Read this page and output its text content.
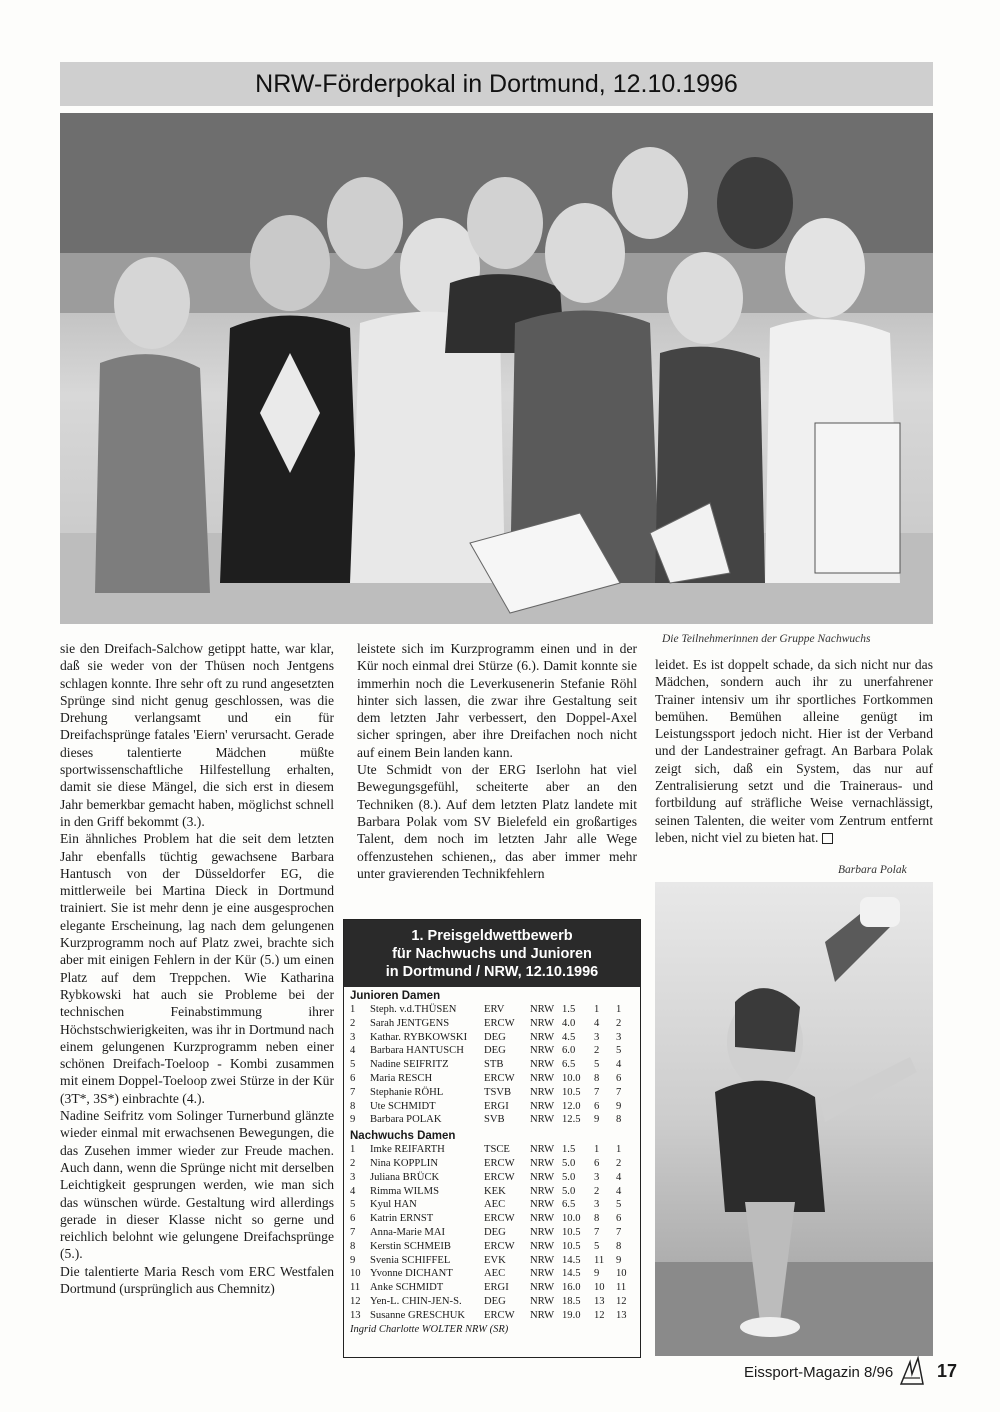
NRW-Förderpokal in Dortmund, 12.10.1996
Die Teilnehmerinnen der Gruppe Nachwuchs

sie den Dreifach-Salchow getippt hatte, war klar, daß sie weder von der Thüsen noch Jentgens schlagen konnte. Ihre sehr oft zu rund angesetzten Sprünge sind nicht genug geschlossen, was die Drehung verlangsamt und ein für Dreifachsprünge fatales 'Eiern' verursacht. Gerade dieses talentierte Mädchen müßte sportwissenschaftliche Hilfestellung erhalten, damit sie diese Mängel, die sich erst in diesem Jahr bemerkbar gemacht haben, möglichst schnell in den Griff bekommt (3.).

Ein ähnliches Problem hat die seit dem letzten Jahr ebenfalls tüchtig gewachsene Barbara Hantusch von der Düsseldorfer EG, die mittlerweile bei Martina Dieck in Dortmund trainiert. Sie ist mehr denn je eine ausgesprochen elegante Erscheinung, lag nach dem gelungenen Kurzprogramm noch auf Platz zwei, brachte sich aber mit einigen Fehlern in der Kür (5.) um einen Platz auf dem Treppchen. Wie Katharina Rybkowski hat auch sie Probleme bei der technischen Feinabstimmung ihrer Höchstschwierigkeiten, was ihr in Dortmund nach einem gelungenen Kurzprogramm neben einer schönen Dreifach-Toeloop - Kombi zusammen mit einem Doppel-Toeloop zwei Stürze in der Kür (3T*, 3S*) einbrachte (4.).

Nadine Seifritz vom Solinger Turnerbund glänzte wieder einmal mit erwachsenen Bewegungen, die das Zusehen immer wieder zur Freude machen. Auch dann, wenn die Sprünge nicht mit derselben Leichtigkeit gesprungen werden, wie man sich das wünschen würde. Gestaltung wird allerdings gerade in dieser Klasse nicht so gerne und reichlich belohnt wie gelungene Dreifachsprünge (5.).

Die talentierte Maria Resch vom ERC Westfalen Dortmund (ursprünglich aus Chemnitz)

leistete sich im Kurzprogramm einen und in der Kür noch einmal drei Stürze (6.). Damit konnte sie immerhin noch die Leverkusenerin Stefanie Röhl hinter sich lassen, die zwar ihre Gestaltung seit dem letzten Jahr verbessert, den Doppel-Axel sicher springen, aber ihre Dreifachen noch nicht auf einem Bein landen kann.

Ute Schmidt von der ERG Iserlohn hat viel Bewegungsgefühl, scheiterte aber an den Techniken (8.). Auf dem letzten Platz landete mit Barbara Polak vom SV Bielefeld ein großartiges Talent, dem noch im letzten Jahr alle Wege offenzustehen schienen,, das aber immer mehr unter gravierenden Technikfehlern

leidet. Es ist doppelt schade, da sich nicht nur das Mädchen, sondern auch ihr zu unerfahrener Trainer intensiv um ihr sportliches Fortkommen bemühen. Bemühen alleine genügt im Leistungssport jedoch nicht. Hier ist der Verband und der Landestrainer gefragt. An Barbara Polak zeigt sich, daß ein System, das nur auf Zentralisierung setzt und die Traineraus- und fortbildung auf sträfliche Weise vernachlässigt, seinen Talenten, die weiter vom Zentrum entfernt leben, nicht viel zu bieten hat.

Barbara Polak
1. Preisgeldwettbewerb
für Nachwuchs und Junioren
in Dortmund / NRW, 12.10.1996
Junioren Damen
1	Steph. v.d.THÜSEN	ERV	NRW	1.5	1	1
2	Sarah JENTGENS	ERCW	NRW	4.0	4	2
3	Kathar. RYBKOWSKI	DEG	NRW	4.5	3	3
4	Barbara HANTUSCH	DEG	NRW	6.0	2	5
5	Nadine SEIFRITZ	STB	NRW	6.5	5	4
6	Maria RESCH	ERCW	NRW	10.0	8	6
7	Stephanie RÖHL	TSVB	NRW	10.5	7	7
8	Ute SCHMIDT	ERGI	NRW	12.0	6	9
9	Barbara POLAK	SVB	NRW	12.5	9	8
Nachwuchs Damen
1	Imke REIFARTH	TSCE	NRW	1.5	1	1
2	Nina KOPPLIN	ERCW	NRW	5.0	6	2
3	Juliana BRÜCK	ERCW	NRW	5.0	3	4
4	Rimma WILMS	KEK	NRW	5.0	2	4
5	Kyul HAN	AEC	NRW	6.5	3	5
6	Katrin ERNST	ERCW	NRW	10.0	8	6
7	Anna-Marie MAI	DEG	NRW	10.5	7	7
8	Kerstin SCHMEIB	ERCW	NRW	10.5	5	8
9	Svenia SCHIFFEL	EVK	NRW	14.5	11	9
10	Yvonne DICHANT	AEC	NRW	14.5	9	10
11	Anke SCHMIDT	ERGI	NRW	16.0	10	11
12	Yen-L. CHIN-JEN-S.	DEG	NRW	18.5	13	12
13	Susanne GRESCHUK	ERCW	NRW	19.0	12	13
Ingrid Charlotte WOLTER NRW (SR)
Eissport-Magazin 8/96 17
